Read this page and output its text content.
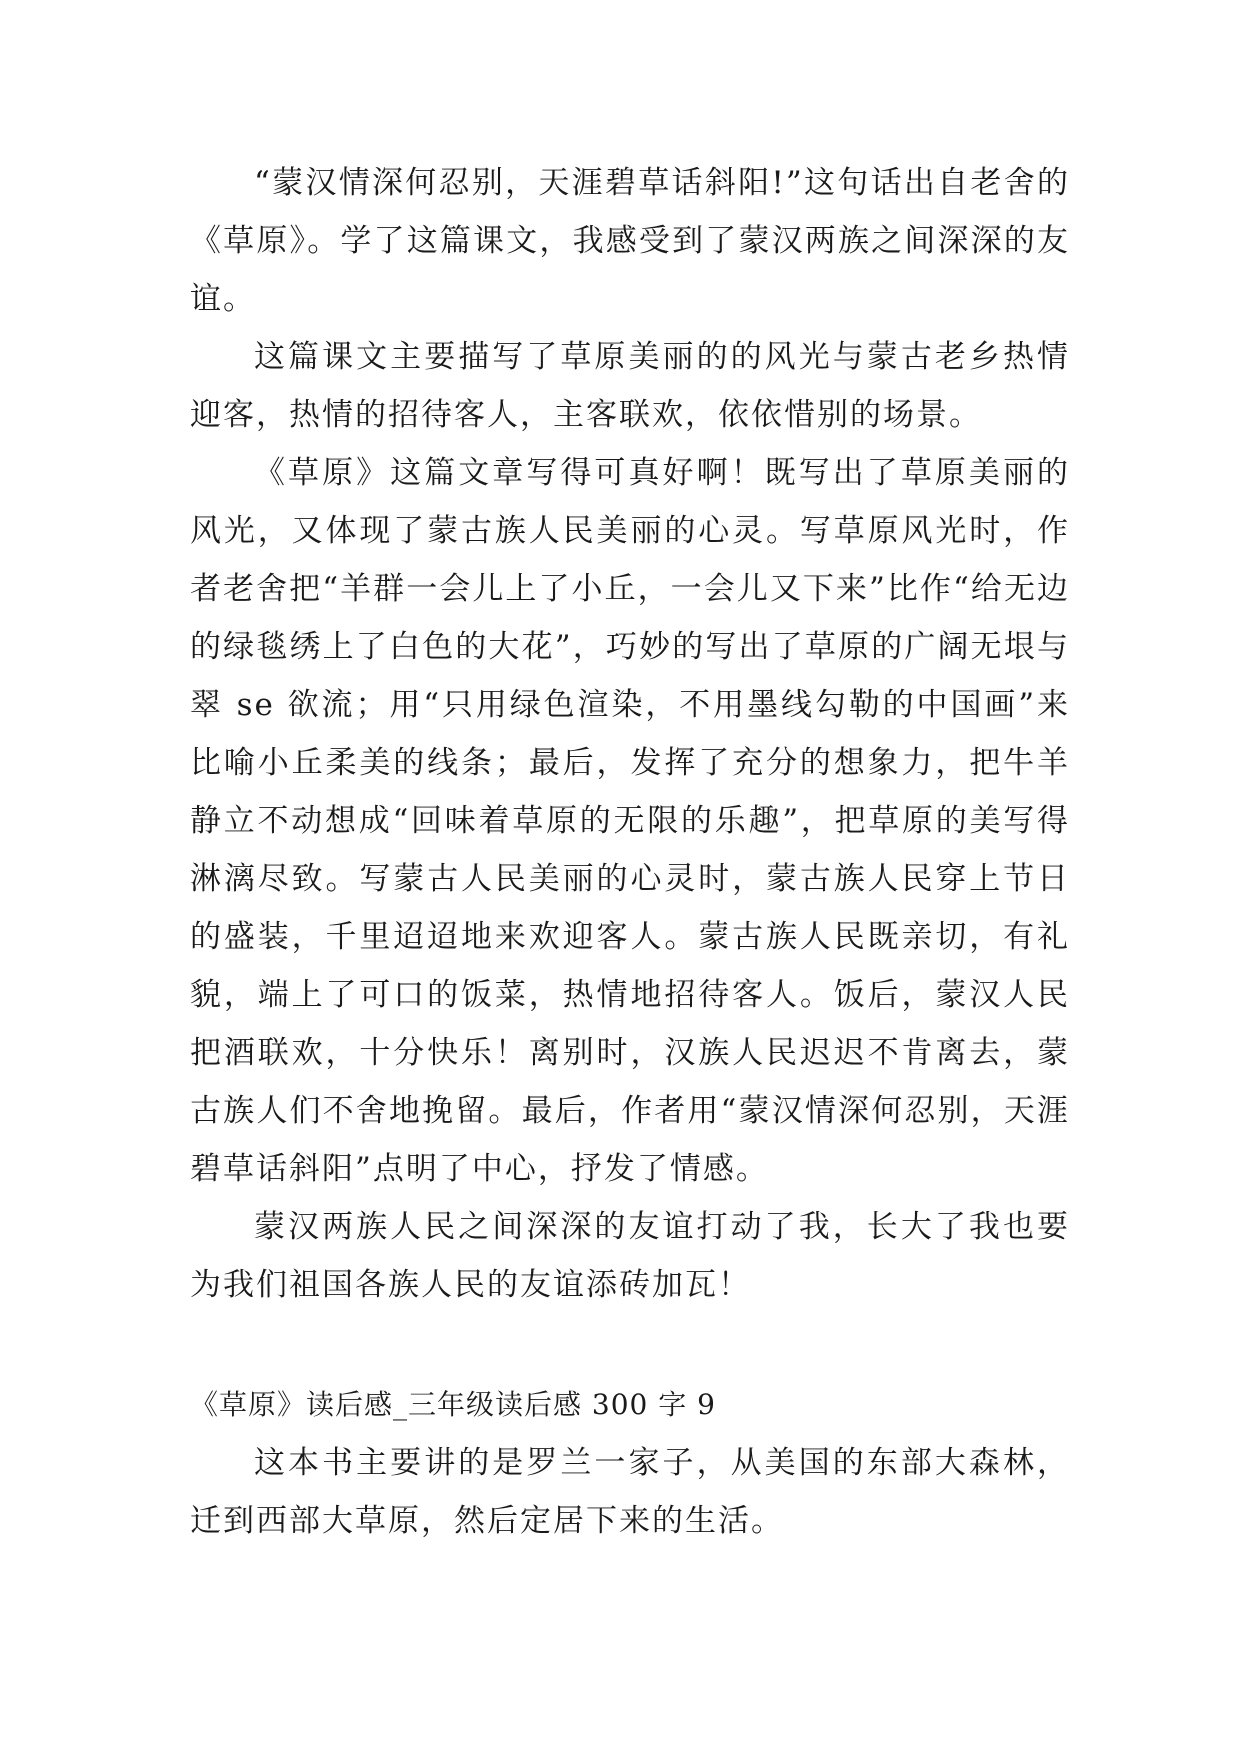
“蒙汉情深何忍别，天涯碧草话斜阳!”这句话出自老舍的《草原》。学了这篇课文，我感受到了蒙汉两族之间深深的友谊。

这篇课文主要描写了草原美丽的的风光与蒙古老乡热情迎客，热情的招待客人，主客联欢，依依惜别的场景。

《草原》这篇文章写得可真好啊！既写出了草原美丽的风光，又体现了蒙古族人民美丽的心灵。写草原风光时，作者老舍把“羊群一会儿上了小丘，一会儿又下来”比作“给无边的绿毯绣上了白色的大花”，巧妙的写出了草原的广阔无垠与翠 se 欲流；用“只用绿色渲染，不用墨线勾勒的中国画”来比喻小丘柔美的线条；最后，发挥了充分的想象力，把牛羊静立不动想成“回味着草原的无限的乐趣”，把草原的美写得淋漓尽致。写蒙古人民美丽的心灵时，蒙古族人民穿上节日的盛装，千里迢迢地来欢迎客人。蒙古族人民既亲切，有礼貌，端上了可口的饭菜，热情地招待客人。饭后，蒙汉人民把酒联欢，十分快乐！离别时，汉族人民迟迟不肯离去，蒙古族人们不舍地挽留。最后，作者用“蒙汉情深何忍别，天涯碧草话斜阳”点明了中心，抒发了情感。

蒙汉两族人民之间深深的友谊打动了我，长大了我也要为我们祖国各族人民的友谊添砖加瓦！

《草原》读后感_三年级读后感 300 字 9

这本书主要讲的是罗兰一家子，从美国的东部大森林，迁到西部大草原，然后定居下来的生活。
